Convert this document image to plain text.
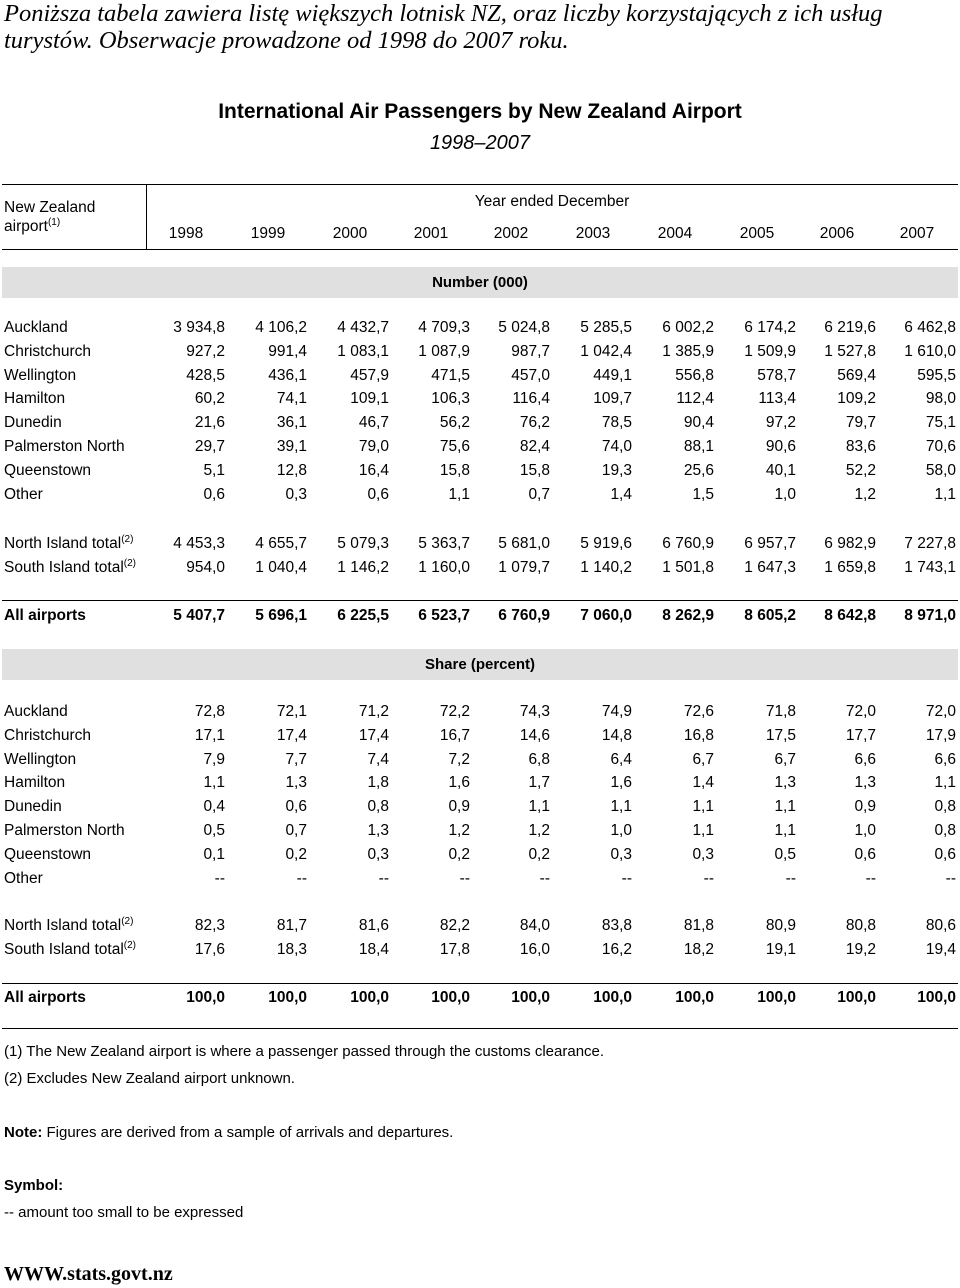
Poniższa tabela zawiera listę większych lotnisk NZ, oraz liczby korzystających z ich usług turystów. Obserwacje prowadzone od 1998 do 2007 roku.
International Air Passengers by New Zealand Airport
1998–2007
New Zealand
airport$^{(1)}$
Year ended December
1998	1999	2000	2001	2002	2003	2004	2005	2006	2007
Number (000)
Auckland	3 934,8	4 106,2	4 432,7	4 709,3	5 024,8	5 285,5	6 002,2	6 174,2	6 219,6	6 462,8
Christchurch	927,2	991,4	1 083,1	1 087,9	987,7	1 042,4	1 385,9	1 509,9	1 527,8	1 610,0
Wellington	428,5	436,1	457,9	471,5	457,0	449,1	556,8	578,7	569,4	595,5
Hamilton	60,2	74,1	109,1	106,3	116,4	109,7	112,4	113,4	109,2	98,0
Dunedin	21,6	36,1	46,7	56,2	76,2	78,5	90,4	97,2	79,7	75,1
Palmerston North	29,7	39,1	79,0	75,6	82,4	74,0	88,1	90,6	83,6	70,6
Queenstown	5,1	12,8	16,4	15,8	15,8	19,3	25,6	40,1	52,2	58,0
Other	0,6	0,3	0,6	1,1	0,7	1,4	1,5	1,0	1,2	1,1
North Island total$^{(2)}$	4 453,3	4 655,7	5 079,3	5 363,7	5 681,0	5 919,6	6 760,9	6 957,7	6 982,9	7 227,8
South Island total$^{(2)}$	954,0	1 040,4	1 146,2	1 160,0	1 079,7	1 140,2	1 501,8	1 647,3	1 659,8	1 743,1
All airports	5 407,7	5 696,1	6 225,5	6 523,7	6 760,9	7 060,0	8 262,9	8 605,2	8 642,8	8 971,0
Share (percent)
Auckland	72,8	72,1	71,2	72,2	74,3	74,9	72,6	71,8	72,0	72,0
Christchurch	17,1	17,4	17,4	16,7	14,6	14,8	16,8	17,5	17,7	17,9
Wellington	7,9	7,7	7,4	7,2	6,8	6,4	6,7	6,7	6,6	6,6
Hamilton	1,1	1,3	1,8	1,6	1,7	1,6	1,4	1,3	1,3	1,1
Dunedin	0,4	0,6	0,8	0,9	1,1	1,1	1,1	1,1	0,9	0,8
Palmerston North	0,5	0,7	1,3	1,2	1,2	1,0	1,1	1,1	1,0	0,8
Queenstown	0,1	0,2	0,3	0,2	0,2	0,3	0,3	0,5	0,6	0,6
Other	--	--	--	--	--	--	--	--	--	--
North Island total$^{(2)}$	82,3	81,7	81,6	82,2	84,0	83,8	81,8	80,9	80,8	80,6
South Island total$^{(2)}$	17,6	18,3	18,4	17,8	16,0	16,2	18,2	19,1	19,2	19,4
All airports	100,0	100,0	100,0	100,0	100,0	100,0	100,0	100,0	100,0	100,0
(1) The New Zealand airport is where a passenger passed through the customs clearance.
(2) Excludes New Zealand airport unknown.
Note: Figures are derived from a sample of arrivals and departures.
Symbol:
-- amount too small to be expressed
WWW.stats.govt.nz
